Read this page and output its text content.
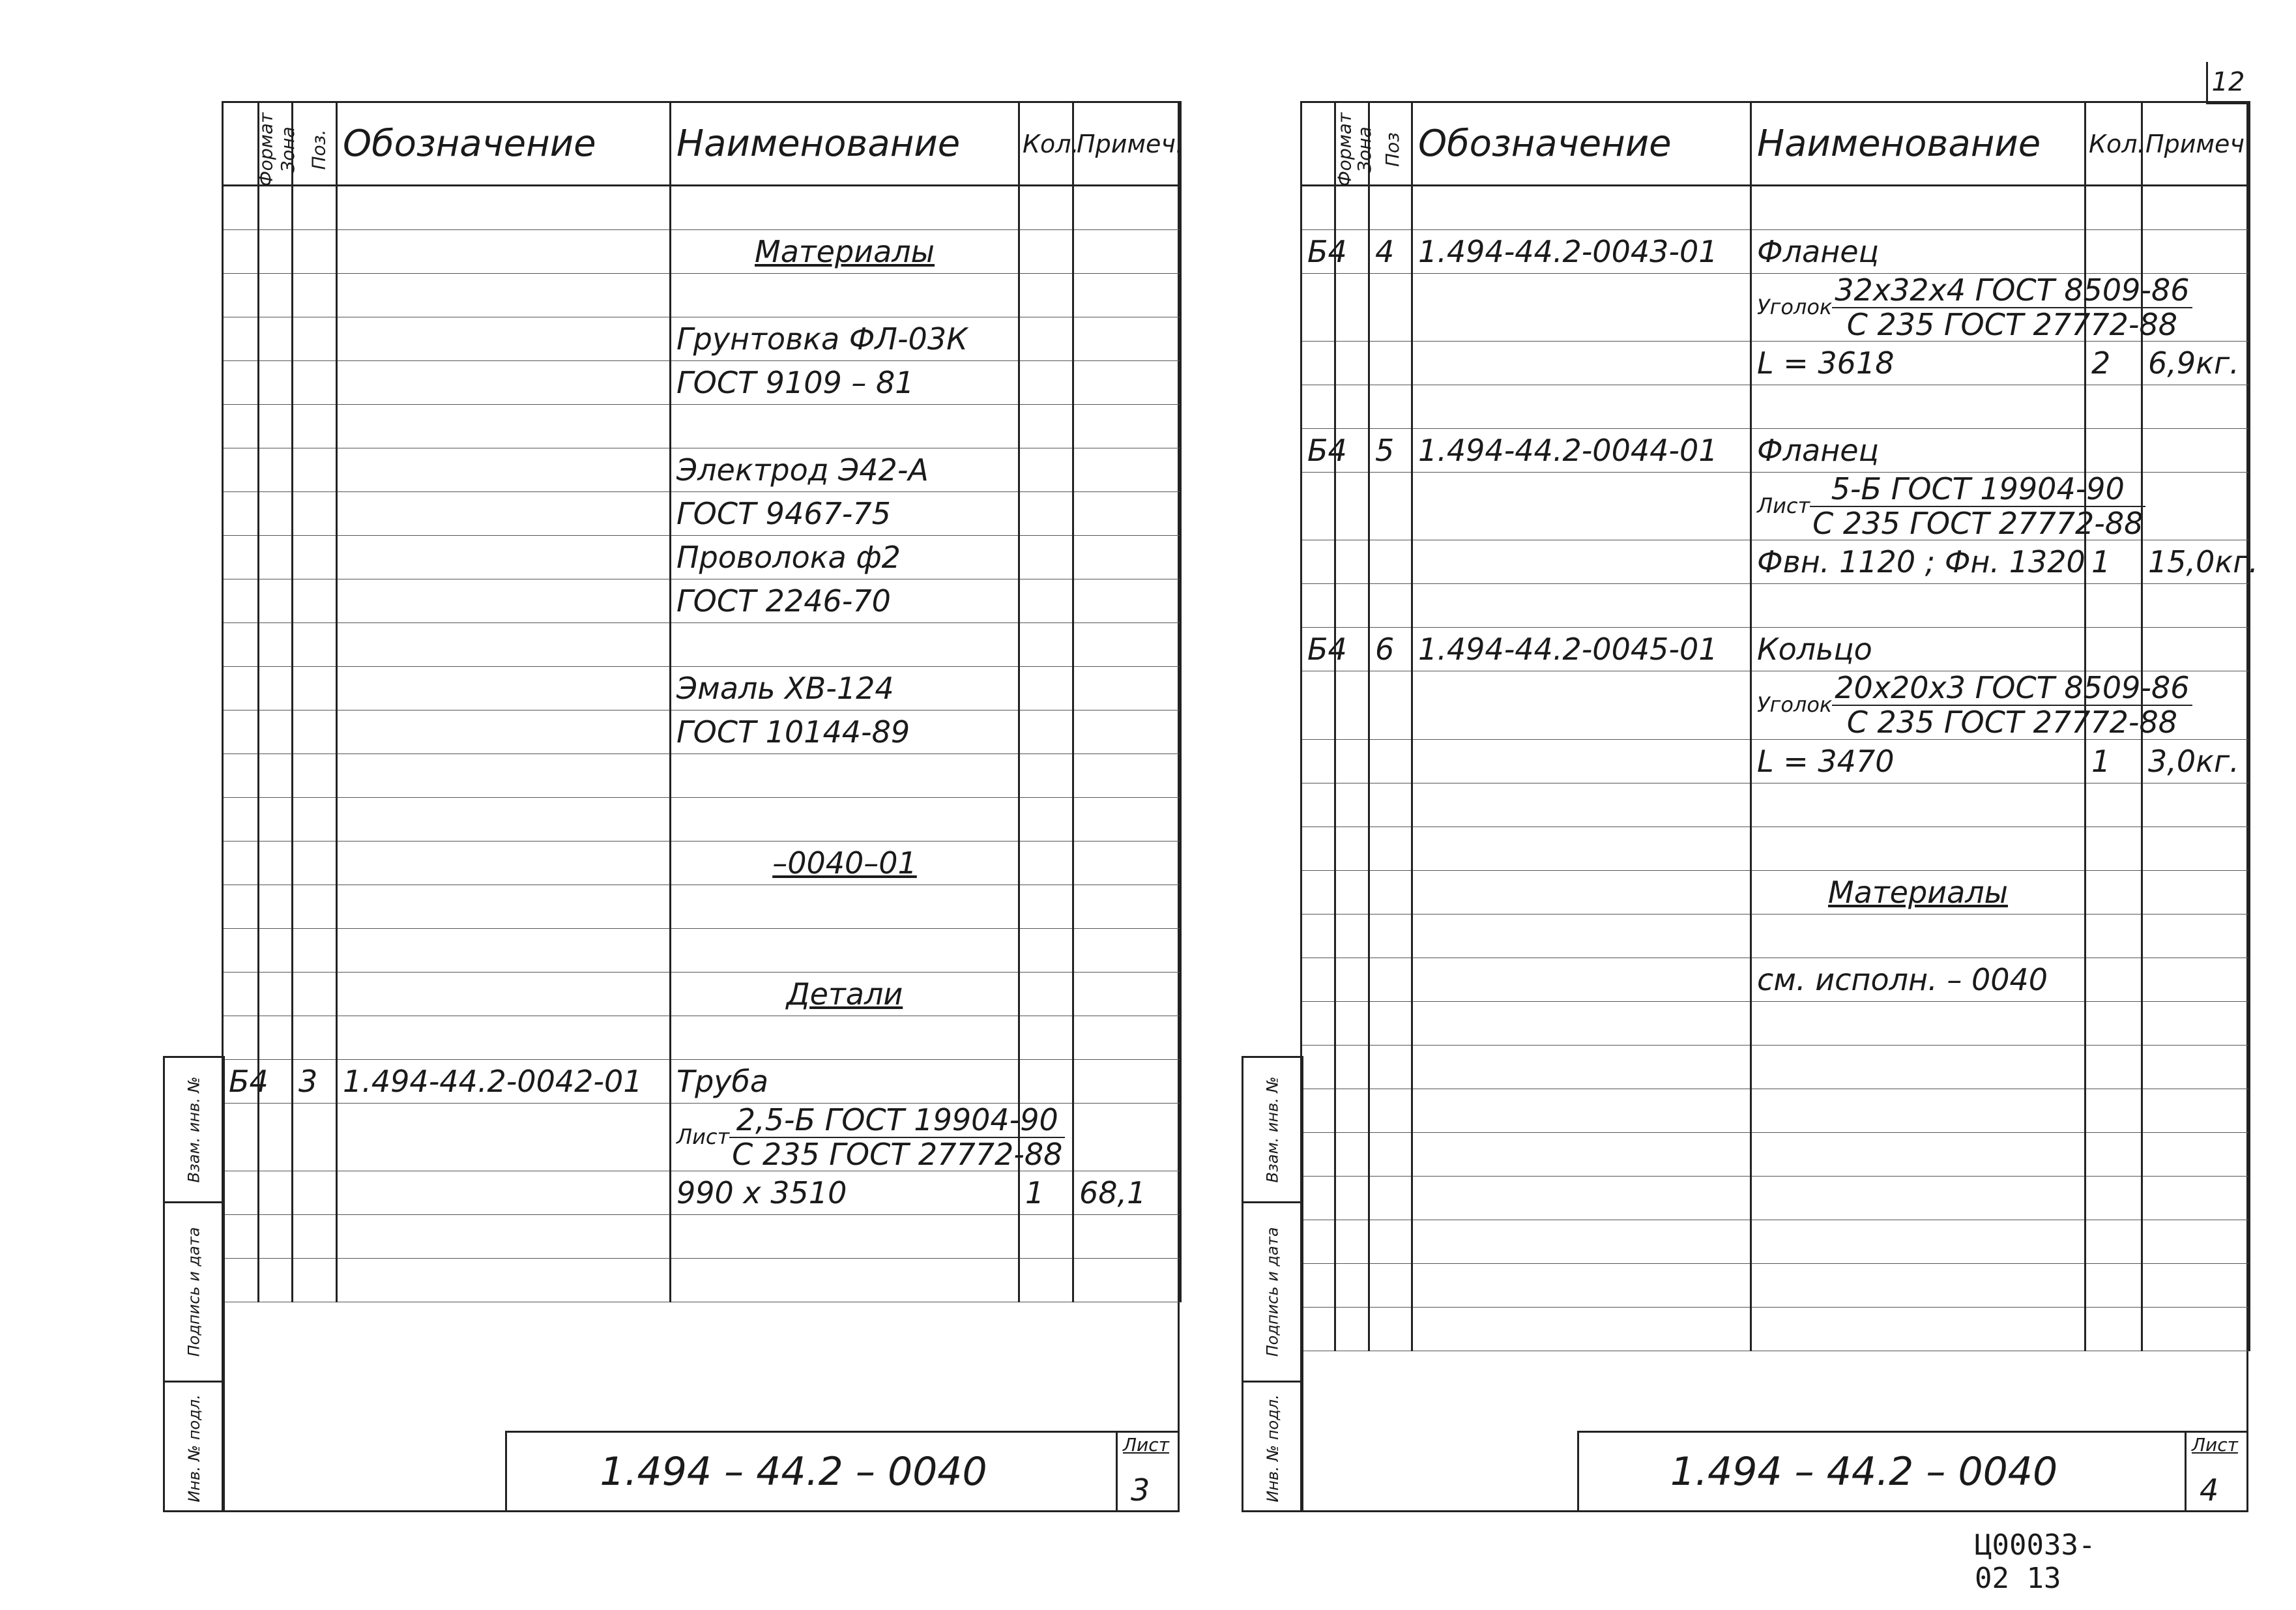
Формат	Зона	Поз.	Обозначение	Наименование	Кол.	Примеч.

				Материалы		

				Грунтовка ФЛ-03К		
				ГОСТ 9109 – 81		

				Электрод Э42-А		
				ГОСТ 9467-75		
				Проволока ф2		
				ГОСТ 2246-70		

				Эмаль ХВ-124		
				ГОСТ 10144-89		

				–0040–01		

				Детали		

Б4		3	1.494-44.2-0042-01	Труба		
				Лист $\frac{\text{2,5-Б ГОСТ 19904-90}}{\text{С 235 ГОСТ 27772-88}}$

				990 х 3510	1	68,1

Взам. инв. №
Подпись и дата
Инв. № подл.	1.494 – 44.2 – 0040
Лист
3
12
Формат	Зона	Поз	Обозначение	Наименование	Кол.	Примеч

Б4		4	1.494-44.2-0043-01	Фланец		
				Уголок $\frac{\text{32х32х4 ГОСТ 8509-86}}{\text{С 235 ГОСТ 27772-88}}$

				L = 3618	2	6,9кг.

Б4		5	1.494-44.2-0044-01	Фланец		
				Лист $\frac{\text{5-Б ГОСТ 19904-90}}{\text{С 235 ГОСТ 27772-88}}$

				Фвн. 1120 ; Фн. 1320	1	15,0кг.

Б4		6	1.494-44.2-0045-01	Кольцо		
				Уголок $\frac{\text{20х20х3 ГОСТ 8509-86}}{\text{С 235 ГОСТ 27772-88}}$

				L = 3470	1	3,0кг.

				Материалы		

				см. исполн. – 0040		

Взам. инв. №
Подпись и дата
Инв. № подл.	1.494 – 44.2 – 0040
Лист
4
Ц00033-02 13
